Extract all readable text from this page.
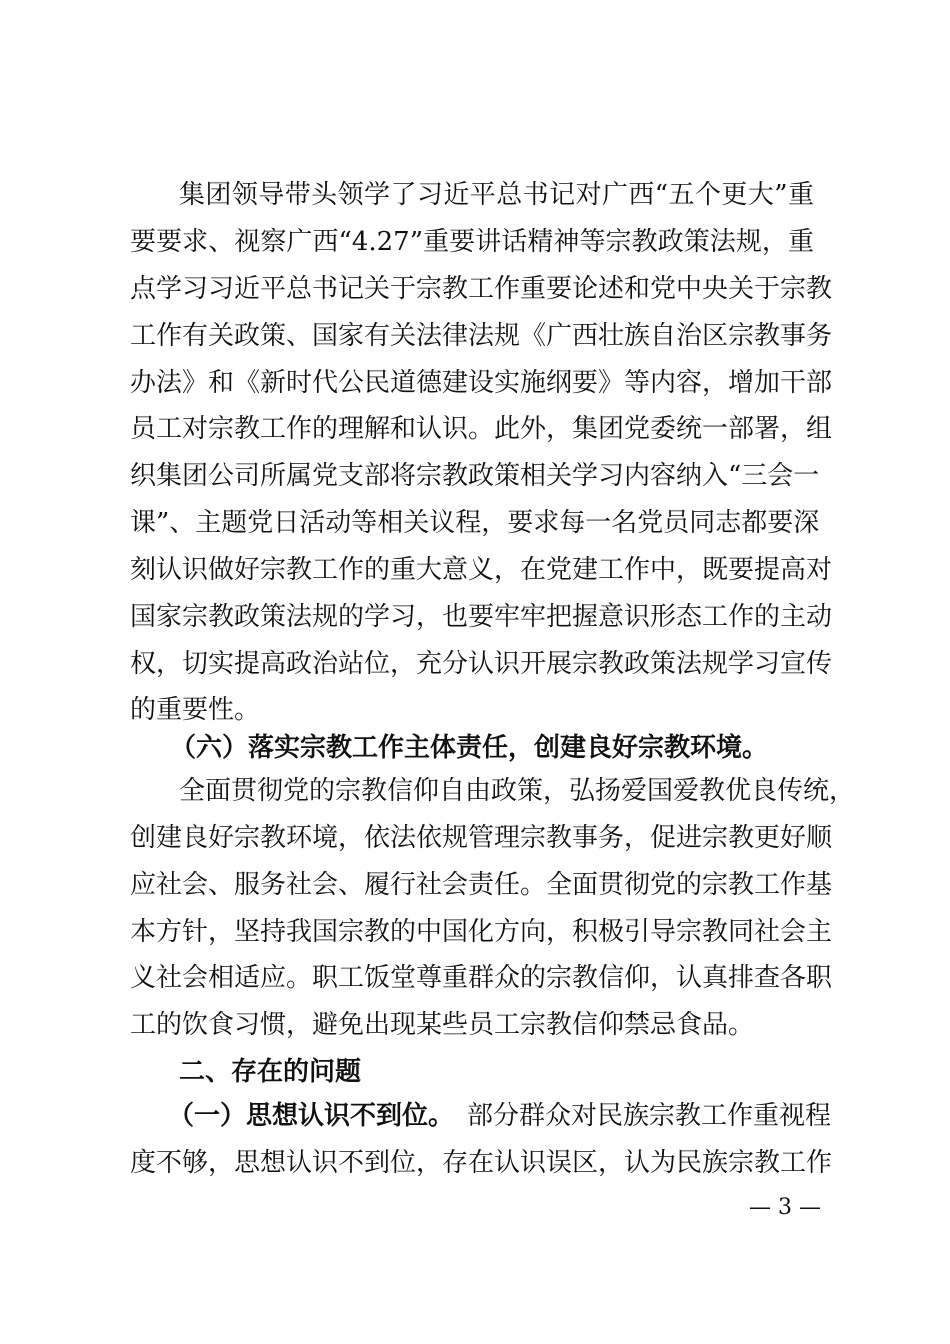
集团领导带头领学了习近平总书记对广西“五个更大”重
要要求、视察广西“4.27”重要讲话精神等宗教政策法规，重
点学习习近平总书记关于宗教工作重要论述和党中央关于宗教
工作有关政策、国家有关法律法规《广西壮族自治区宗教事务
办法》和《新时代公民道德建设实施纲要》等内容，增加干部
员工对宗教工作的理解和认识。此外，集团党委统一部署，组
织集团公司所属党支部将宗教政策相关学习内容纳入“三会一
课”、主题党日活动等相关议程，要求每一名党员同志都要深
刻认识做好宗教工作的重大意义，在党建工作中，既要提高对
国家宗教政策法规的学习，也要牢牢把握意识形态工作的主动
权，切实提高政治站位，充分认识开展宗教政策法规学习宣传
的重要性。
（六）落实宗教工作主体责任，创建良好宗教环境。
全面贯彻党的宗教信仰自由政策，弘扬爱国爱教优良传统，
创建良好宗教环境，依法依规管理宗教事务，促进宗教更好顺
应社会、服务社会、履行社会责任。全面贯彻党的宗教工作基
本方针，坚持我国宗教的中国化方向，积极引导宗教同社会主
义社会相适应。职工饭堂尊重群众的宗教信仰，认真排查各职
工的饮食习惯，避免出现某些员工宗教信仰禁忌食品。
二、存在的问题
（一）思想认识不到位。 部分群众对民族宗教工作重视程
度不够，思想认识不到位，存在认识误区，认为民族宗教工作
— 3 —
